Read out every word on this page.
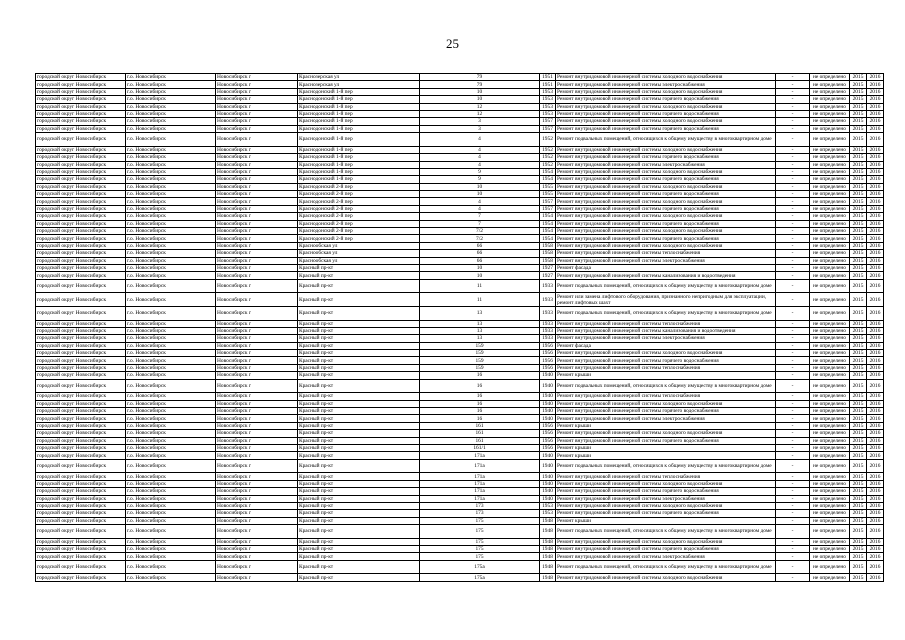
25
городской округ Новосибирск	г.о. Новосибирск	Новосибирск г	Краснозерская ул	79	1951	Ремонт внутридомовой инженерной системы холодного водоснабжения	-	не определено	2015	2016
городской округ Новосибирск	г.о. Новосибирск	Новосибирск г	Краснозерская ул	79	1951	Ремонт внутридомовой инженерной системы электроснабжения	-	не определено	2015	2016
городской округ Новосибирск	г.о. Новосибирск	Новосибирск г	Краснодонский 1-й пер	10	1953	Ремонт внутридомовой инженерной системы холодного водоснабжения	-	не определено	2015	2016
городской округ Новосибирск	г.о. Новосибирск	Новосибирск г	Краснодонский 1-й пер	10	1953	Ремонт внутридомовой инженерной системы горячего водоснабжения	-	не определено	2015	2016
городской округ Новосибирск	г.о. Новосибирск	Новосибирск г	Краснодонский 1-й пер	12	1953	Ремонт внутридомовой инженерной системы холодного водоснабжения	-	не определено	2015	2016
городской округ Новосибирск	г.о. Новосибирск	Новосибирск г	Краснодонский 1-й пер	12	1953	Ремонт внутридомовой инженерной системы горячего водоснабжения	-	не определено	2015	2016
городской округ Новосибирск	г.о. Новосибирск	Новосибирск г	Краснодонский 1-й пер	3	1957	Ремонт внутридомовой инженерной системы холодного водоснабжения	-	не определено	2015	2016
городской округ Новосибирск	г.о. Новосибирск	Новосибирск г	Краснодонский 1-й пер	3	1957	Ремонт внутридомовой инженерной системы горячего водоснабжения	-	не определено	2015	2016
городской округ Новосибирск	г.о. Новосибирск	Новосибирск г	Краснодонский 1-й пер	4	1952	Ремонт подвальных помещений, относящихся к общему имуществу в многоквартирном доме	-	не определено	2015	2016
городской округ Новосибирск	г.о. Новосибирск	Новосибирск г	Краснодонский 1-й пер	4	1952	Ремонт внутридомовой инженерной системы холодного водоснабжения	-	не определено	2015	2016
городской округ Новосибирск	г.о. Новосибирск	Новосибирск г	Краснодонский 1-й пер	4	1952	Ремонт внутридомовой инженерной системы горячего водоснабжения	-	не определено	2015	2016
городской округ Новосибирск	г.о. Новосибирск	Новосибирск г	Краснодонский 1-й пер	4	1952	Ремонт внутридомовой инженерной системы электроснабжения	-	не определено	2015	2016
городской округ Новосибирск	г.о. Новосибирск	Новосибирск г	Краснодонский 1-й пер	9	1954	Ремонт внутридомовой инженерной системы холодного водоснабжения	-	не определено	2015	2016
городской округ Новосибирск	г.о. Новосибирск	Новосибирск г	Краснодонский 1-й пер	9	1954	Ремонт внутридомовой инженерной системы горячего водоснабжения	-	не определено	2015	2016
городской округ Новосибирск	г.о. Новосибирск	Новосибирск г	Краснодонский 2-й пер	10	1955	Ремонт внутридомовой инженерной системы холодного водоснабжения	-	не определено	2015	2016
городской округ Новосибирск	г.о. Новосибирск	Новосибирск г	Краснодонский 2-й пер	10	1955	Ремонт внутридомовой инженерной системы горячего водоснабжения	-	не определено	2015	2016
городской округ Новосибирск	г.о. Новосибирск	Новосибирск г	Краснодонский 2-й пер	4	1957	Ремонт внутридомовой инженерной системы холодного водоснабжения	-	не определено	2015	2016
городской округ Новосибирск	г.о. Новосибирск	Новосибирск г	Краснодонский 2-й пер	4	1957	Ремонт внутридомовой инженерной системы горячего водоснабжения	-	не определено	2015	2016
городской округ Новосибирск	г.о. Новосибирск	Новосибирск г	Краснодонский 2-й пер	7	1954	Ремонт внутридомовой инженерной системы холодного водоснабжения	-	не определено	2015	2016
городской округ Новосибирск	г.о. Новосибирск	Новосибирск г	Краснодонский 2-й пер	7	1954	Ремонт внутридомовой инженерной системы горячего водоснабжения	-	не определено	2015	2016
городской округ Новосибирск	г.о. Новосибирск	Новосибирск г	Краснодонский 2-й пер	7/2	1954	Ремонт внутридомовой инженерной системы холодного водоснабжения	-	не определено	2015	2016
городской округ Новосибирск	г.о. Новосибирск	Новосибирск г	Краснодонский 2-й пер	7/2	1954	Ремонт внутридомовой инженерной системы горячего водоснабжения	-	не определено	2015	2016
городской округ Новосибирск	г.о. Новосибирск	Новосибирск г	Краснообская ул	66	1958	Ремонт внутридомовой инженерной системы холодного водоснабжения	-	не определено	2015	2016
городской округ Новосибирск	г.о. Новосибирск	Новосибирск г	Краснообская ул	66	1958	Ремонт внутридомовой инженерной системы теплоснабжения	-	не определено	2015	2016
городской округ Новосибирск	г.о. Новосибирск	Новосибирск г	Краснообская ул	66	1958	Ремонт внутридомовой инженерной системы электроснабжения	-	не определено	2015	2016
городской округ Новосибирск	г.о. Новосибирск	Новосибирск г	Красный пр-кт	10	1927	Ремонт фасада	-	не определено	2015	2016
городской округ Новосибирск	г.о. Новосибирск	Новосибирск г	Красный пр-кт	10	1927	Ремонт внутридомовой инженерной системы канализования и водоотведения	-	не определено	2015	2016
городской округ Новосибирск	г.о. Новосибирск	Новосибирск г	Красный пр-кт	11	1933	Ремонт подвальных помещений, относящихся к общему имуществу в многоквартирном доме	-	не определено	2015	2016
городской округ Новосибирск	г.о. Новосибирск	Новосибирск г	Красный пр-кт	11	1933	Ремонт или замена лифтового оборудования, признанного непригодным для эксплуатации, ремонт лифтовых шахт	-	не определено	2015	2016
городской округ Новосибирск	г.о. Новосибирск	Новосибирск г	Красный пр-кт	13	1933	Ремонт подвальных помещений, относящихся к общему имуществу в многоквартирном доме	-	не определено	2015	2016
городской округ Новосибирск	г.о. Новосибирск	Новосибирск г	Красный пр-кт	13	1933	Ремонт внутридомовой инженерной системы теплоснабжения	-	не определено	2015	2016
городской округ Новосибирск	г.о. Новосибирск	Новосибирск г	Красный пр-кт	13	1933	Ремонт внутридомовой инженерной системы канализования и водоотведения	-	не определено	2015	2016
городской округ Новосибирск	г.о. Новосибирск	Новосибирск г	Красный пр-кт	13	1933	Ремонт внутридомовой инженерной системы электроснабжения	-	не определено	2015	2016
городской округ Новосибирск	г.о. Новосибирск	Новосибирск г	Красный пр-кт	159	1956	Ремонт фасада	-	не определено	2015	2016
городской округ Новосибирск	г.о. Новосибирск	Новосибирск г	Красный пр-кт	159	1956	Ремонт внутридомовой инженерной системы холодного водоснабжения	-	не определено	2015	2016
городской округ Новосибирск	г.о. Новосибирск	Новосибирск г	Красный пр-кт	159	1956	Ремонт внутридомовой инженерной системы горячего водоснабжения	-	не определено	2015	2016
городской округ Новосибирск	г.о. Новосибирск	Новосибирск г	Красный пр-кт	159	1956	Ремонт внутридомовой инженерной системы теплоснабжения	-	не определено	2015	2016
городской округ Новосибирск	г.о. Новосибирск	Новосибирск г	Красный пр-кт	16	1940	Ремонт крыши	-	не определено	2015	2016
городской округ Новосибирск	г.о. Новосибирск	Новосибирск г	Красный пр-кт	16	1940	Ремонт подвальных помещений, относящихся к общему имуществу в многоквартирном доме	-	не определено	2015	2016
городской округ Новосибирск	г.о. Новосибирск	Новосибирск г	Красный пр-кт	16	1940	Ремонт внутридомовой инженерной системы теплоснабжения	-	не определено	2015	2016
городской округ Новосибирск	г.о. Новосибирск	Новосибирск г	Красный пр-кт	16	1940	Ремонт внутридомовой инженерной системы холодного водоснабжения	-	не определено	2015	2016
городской округ Новосибирск	г.о. Новосибирск	Новосибирск г	Красный пр-кт	16	1940	Ремонт внутридомовой инженерной системы горячего водоснабжения	-	не определено	2015	2016
городской округ Новосибирск	г.о. Новосибирск	Новосибирск г	Красный пр-кт	16	1940	Ремонт внутридомовой инженерной системы электроснабжения	-	не определено	2015	2016
городской округ Новосибирск	г.о. Новосибирск	Новосибирск г	Красный пр-кт	161	1956	Ремонт крыши	-	не определено	2015	2016
городской округ Новосибирск	г.о. Новосибирск	Новосибирск г	Красный пр-кт	161	1956	Ремонт внутридомовой инженерной системы холодного водоснабжения	-	не определено	2015	2016
городской округ Новосибирск	г.о. Новосибирск	Новосибирск г	Красный пр-кт	161	1956	Ремонт внутридомовой инженерной системы горячего водоснабжения	-	не определено	2015	2016
городской округ Новосибирск	г.о. Новосибирск	Новосибирск г	Красный пр-кт	161/1	1956	Ремонт крыши	-	не определено	2015	2016
городской округ Новосибирск	г.о. Новосибирск	Новосибирск г	Красный пр-кт	171а	1940	Ремонт крыши	-	не определено	2015	2016
городской округ Новосибирск	г.о. Новосибирск	Новосибирск г	Красный пр-кт	171а	1940	Ремонт подвальных помещений, относящихся к общему имуществу в многоквартирном доме	-	не определено	2015	2016
городской округ Новосибирск	г.о. Новосибирск	Новосибирск г	Красный пр-кт	171а	1940	Ремонт внутридомовой инженерной системы теплоснабжения	-	не определено	2015	2016
городской округ Новосибирск	г.о. Новосибирск	Новосибирск г	Красный пр-кт	171а	1940	Ремонт внутридомовой инженерной системы холодного водоснабжения	-	не определено	2015	2016
городской округ Новосибирск	г.о. Новосибирск	Новосибирск г	Красный пр-кт	171а	1940	Ремонт внутридомовой инженерной системы горячего водоснабжения	-	не определено	2015	2016
городской округ Новосибирск	г.о. Новосибирск	Новосибирск г	Красный пр-кт	171а	1940	Ремонт внутридомовой инженерной системы электроснабжения	-	не определено	2015	2016
городской округ Новосибирск	г.о. Новосибирск	Новосибирск г	Красный пр-кт	173	1953	Ремонт внутридомовой инженерной системы холодного водоснабжения	-	не определено	2015	2016
городской округ Новосибирск	г.о. Новосибирск	Новосибирск г	Красный пр-кт	173	1953	Ремонт внутридомовой инженерной системы горячего водоснабжения	-	не определено	2015	2016
городской округ Новосибирск	г.о. Новосибирск	Новосибирск г	Красный пр-кт	175	1948	Ремонт крыши	-	не определено	2015	2016
городской округ Новосибирск	г.о. Новосибирск	Новосибирск г	Красный пр-кт	175	1948	Ремонт подвальных помещений, относящихся к общему имуществу в многоквартирном доме	-	не определено	2015	2016
городской округ Новосибирск	г.о. Новосибирск	Новосибирск г	Красный пр-кт	175	1948	Ремонт внутридомовой инженерной системы холодного водоснабжения	-	не определено	2015	2016
городской округ Новосибирск	г.о. Новосибирск	Новосибирск г	Красный пр-кт	175	1948	Ремонт внутридомовой инженерной системы горячего водоснабжения	-	не определено	2015	2016
городской округ Новосибирск	г.о. Новосибирск	Новосибирск г	Красный пр-кт	175	1948	Ремонт внутридомовой инженерной системы электроснабжения	-	не определено	2015	2016
городской округ Новосибирск	г.о. Новосибирск	Новосибирск г	Красный пр-кт	175а	1948	Ремонт подвальных помещений, относящихся к общему имуществу в многоквартирном доме	-	не определено	2015	2016
городской округ Новосибирск	г.о. Новосибирск	Новосибирск г	Красный пр-кт	175а	1948	Ремонт внутридомовой инженерной системы холодного водоснабжения	-	не определено	2015	2016
